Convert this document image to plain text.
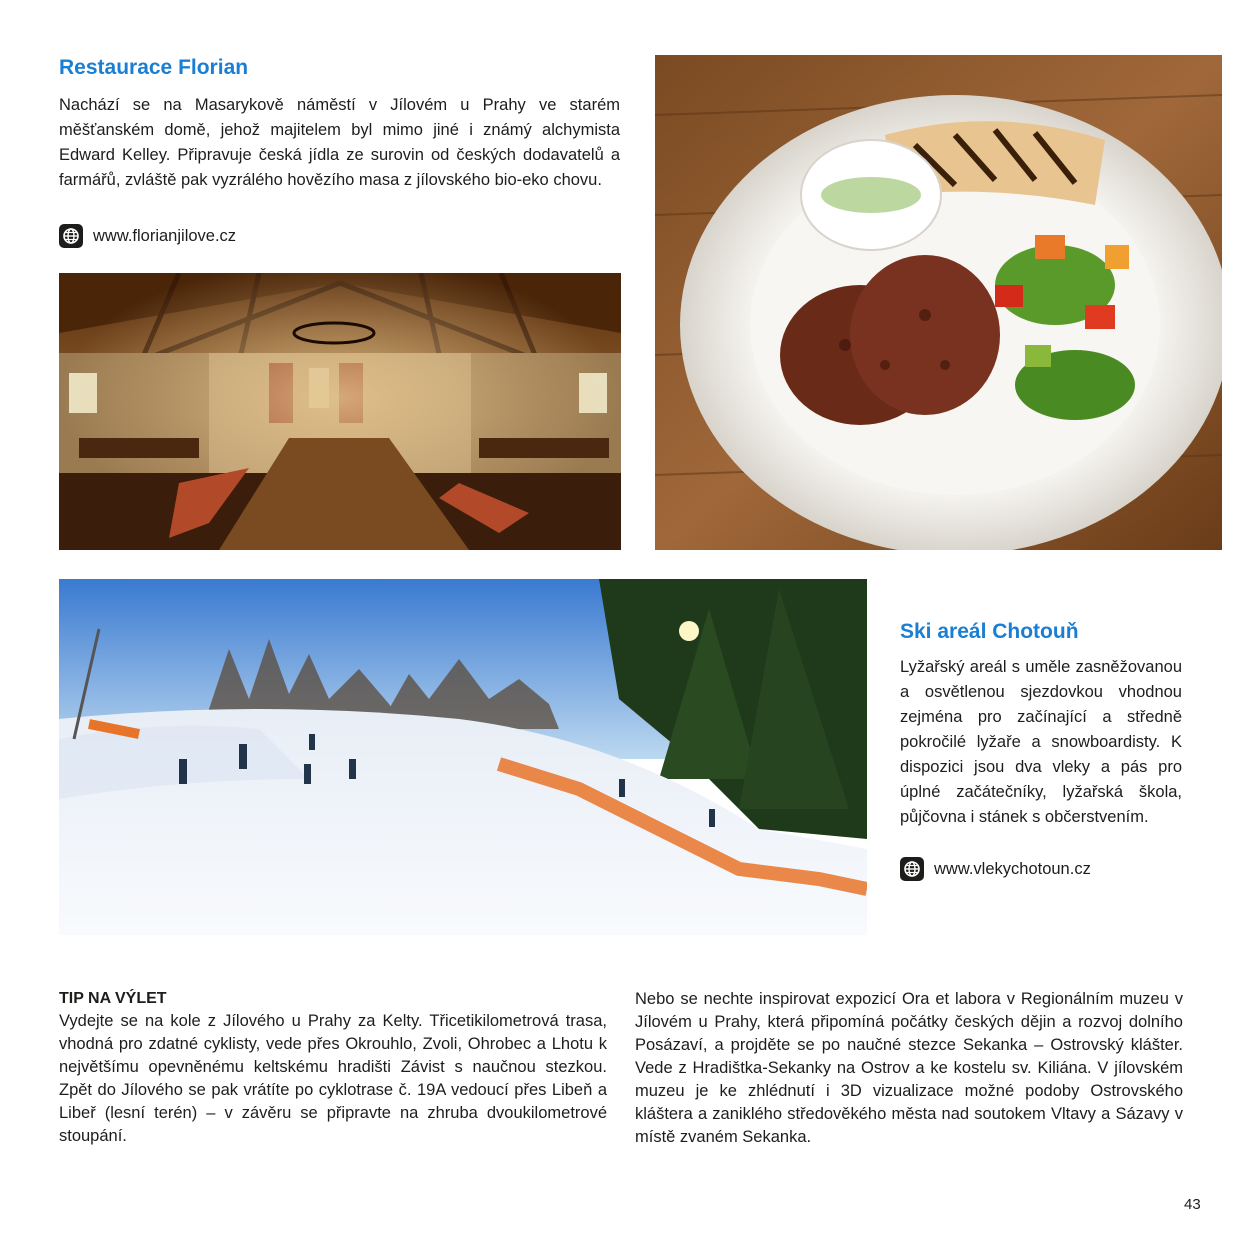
Restaurace Florian

Nachází se na Masarykově náměstí v Jílovém u Prahy ve starém měšťanském domě, jehož majitelem byl mimo jiné i známý alchymista Edward Kelley. Připravuje česká jídla ze surovin od českých dodavatelů a farmářů, zvláště pak vyzrálého hovězího masa z jílovského bio-eko chovu.

www.florianjilove.cz
Ski areál Chotouň

Lyžařský areál s uměle zasněžovanou a osvětlenou sjezdovkou vhodnou zejména pro začínající a středně pokročilé lyžaře a snowboardisty. K dispozici jsou dva vleky a pás pro úplné začátečníky, lyžařská škola, půjčovna i stánek s občerstvením.

www.vlekychotoun.cz
TIP NA VÝLET

Vydejte se na kole z Jílového u Prahy za Kelty. Třicetikilometrová trasa, vhodná pro zdatné cyklisty, vede přes Okrouhlo, Zvoli, Ohrobec a Lhotu k největšímu opevněnému keltskému hradišti Závist s naučnou stezkou. Zpět do Jílového se pak vrátíte po cyklotrase č. 19A vedoucí přes Libeň a Libeř (lesní terén) – v závěru se připravte na zhruba dvoukilometrové stoupání.

Nebo se nechte inspirovat expozicí Ora et labora v Regionálním muzeu v Jílovém u Prahy, která připomíná počátky českých dějin a rozvoj dolního Posázaví, a projděte se po naučné stezce Sekanka – Ostrovský klášter. Vede z Hradištka-Sekanky na Ostrov a ke kostelu sv. Kiliána. V jílovském muzeu je ke zhlédnutí i 3D vizualizace možné podoby Ostrovského kláštera a zaniklého středověkého města nad soutokem Vltavy a Sázavy v místě zvaném Sekanka.

43
